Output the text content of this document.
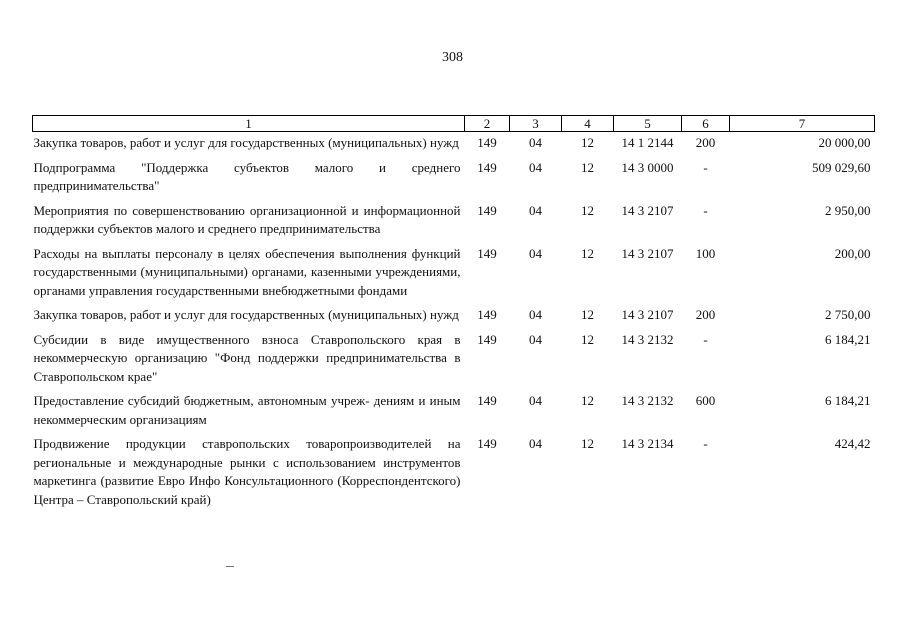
308
1	2	3	4	5	6	7
Закупка товаров, работ и услуг для государственных (муниципальных) нужд	149	04	12	14 1 2144	200	20 000,00
Подпрограмма "Поддержка субъектов малого и среднего предпринимательства"	149	04	12	14 3 0000	-	509 029,60
Мероприятия по совершенствованию организационной и информационной поддержки субъектов малого и среднего предпринимательства	149	04	12	14 3 2107	-	2 950,00
Расходы на выплаты персоналу в целях обеспечения выполнения функций государственными (муниципальными) органами, казенными учреждениями, органами управления государственными внебюджетными фондами	149	04	12	14 3 2107	100	200,00
Закупка товаров, работ и услуг для государственных (муниципальных) нужд	149	04	12	14 3 2107	200	2 750,00
Субсидии в виде имущественного взноса Ставропольского края в некоммерческую организацию "Фонд поддержки предпринимательства в Ставропольском крае"	149	04	12	14 3 2132	-	6 184,21
Предоставление субсидий бюджетным, автономным учреж- дениям и иным некоммерческим организациям	149	04	12	14 3 2132	600	6 184,21
Продвижение продукции ставропольских товаропроизводителей на региональные и международные рынки с использованием инструментов маркетинга (развитие Евро Инфо Консультационного (Корреспондентского) Центра – Ставропольский край)	149	04	12	14 3 2134	-	424,42
